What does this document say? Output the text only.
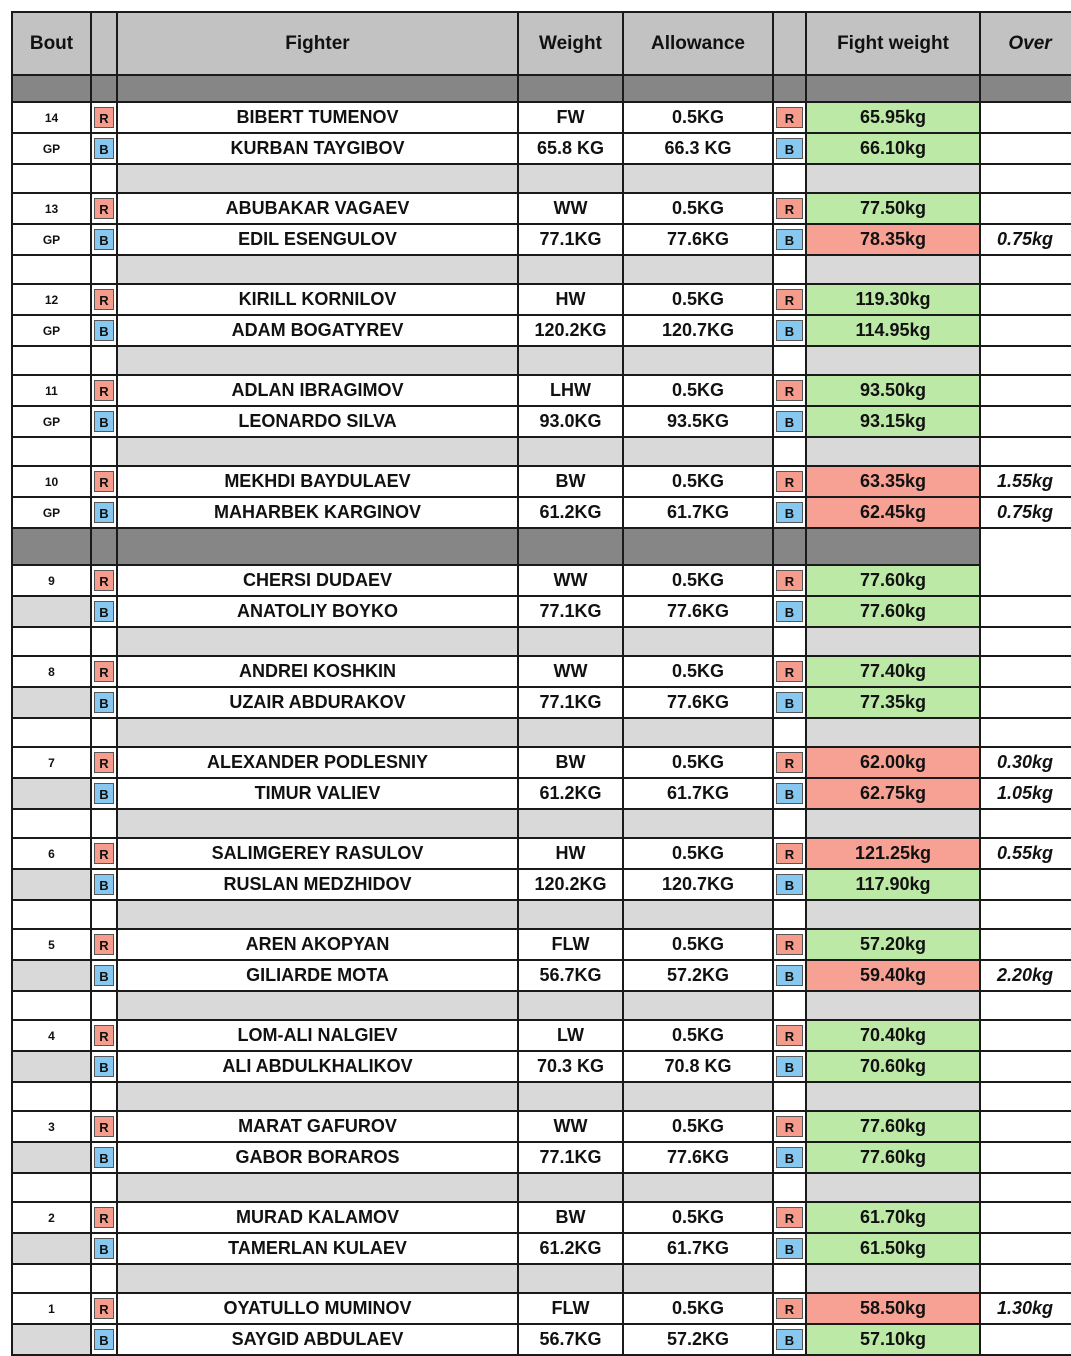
Bout		Fighter	Weight	Allowance		Fight weight	Over

14	R	BIBERT TUMENOV	FW	0.5KG	R	65.95kg	
GP	B	KURBAN TAYGIBOV	65.8 KG	66.3 KG	B	66.10kg	

13	R	ABUBAKAR VAGAEV	WW	0.5KG	R	77.50kg	
GP	B	EDIL ESENGULOV	77.1KG	77.6KG	B	78.35kg	0.75kg

12	R	KIRILL KORNILOV	HW	0.5KG	R	119.30kg	
GP	B	ADAM BOGATYREV	120.2KG	120.7KG	B	114.95kg	

11	R	ADLAN IBRAGIMOV	LHW	0.5KG	R	93.50kg	
GP	B	LEONARDO SILVA	93.0KG	93.5KG	B	93.15kg	

10	R	MEKHDI BAYDULAEV	BW	0.5KG	R	63.35kg	1.55kg
GP	B	MAHARBEK KARGINOV	61.2KG	61.7KG	B	62.45kg	0.75kg

9	R	CHERSI DUDAEV	WW	0.5KG	R	77.60kg	

	B	ANATOLIY BOYKO	77.1KG	77.6KG	B	77.60kg	

8	R	ANDREI KOSHKIN	WW	0.5KG	R	77.40kg	

	B	UZAIR ABDURAKOV	77.1KG	77.6KG	B	77.35kg	

7	R	ALEXANDER PODLESNIY	BW	0.5KG	R	62.00kg	0.30kg

	B	TIMUR VALIEV	61.2KG	61.7KG	B	62.75kg	1.05kg

6	R	SALIMGEREY RASULOV	HW	0.5KG	R	121.25kg	0.55kg

	B	RUSLAN MEDZHIDOV	120.2KG	120.7KG	B	117.90kg	

5	R	AREN AKOPYAN	FLW	0.5KG	R	57.20kg	

	B	GILIARDE MOTA	56.7KG	57.2KG	B	59.40kg	2.20kg

4	R	LOM-ALI NALGIEV	LW	0.5KG	R	70.40kg	

	B	ALI ABDULKHALIKOV	70.3 KG	70.8 KG	B	70.60kg	

3	R	MARAT GAFUROV	WW	0.5KG	R	77.60kg	

	B	GABOR BORAROS	77.1KG	77.6KG	B	77.60kg	

2	R	MURAD KALAMOV	BW	0.5KG	R	61.70kg	

	B	TAMERLAN KULAEV	61.2KG	61.7KG	B	61.50kg	

1	R	OYATULLO MUMINOV	FLW	0.5KG	R	58.50kg	1.30kg

	B	SAYGID ABDULAEV	56.7KG	57.2KG	B	57.10kg	
